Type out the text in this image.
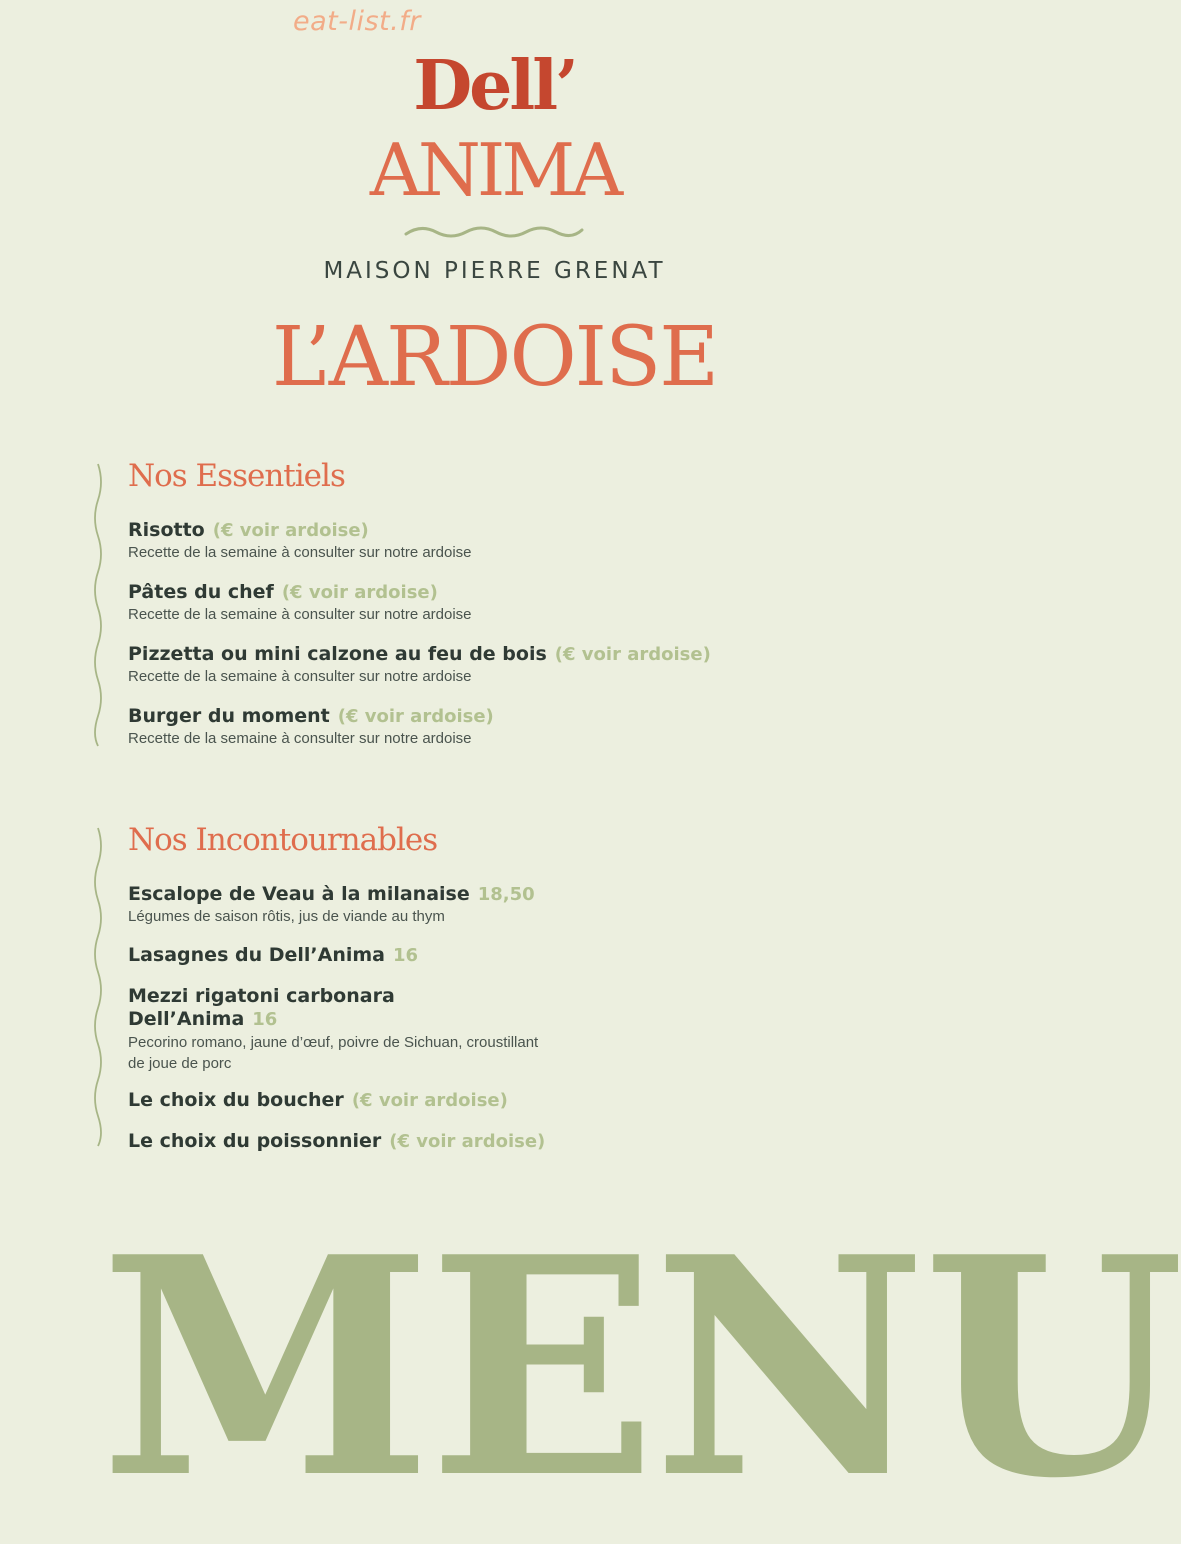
eat-list.fr
Dell’
ANIMA
MAISON PIERRE GRENAT
L’ARDOISE
Nos Essentiels
Risotto (€ voir ardoise)
Recette de la semaine à consulter sur notre ardoise
Pâtes du chef (€ voir ardoise)
Recette de la semaine à consulter sur notre ardoise
Pizzetta ou mini calzone au feu de bois (€ voir ardoise)
Recette de la semaine à consulter sur notre ardoise
Burger du moment (€ voir ardoise)
Recette de la semaine à consulter sur notre ardoise
Nos Incontournables
Escalope de Veau à la milanaise 18,50
Légumes de saison rôtis, jus de viande au thym
Lasagnes du Dell’Anima 16
Mezzi rigatoni carbonara
Dell’Anima 16
Pecorino romano, jaune d’œuf, poivre de Sichuan, croustillant
de joue de porc
Le choix du boucher (€ voir ardoise)
Le choix du poissonnier (€ voir ardoise)
MENU
